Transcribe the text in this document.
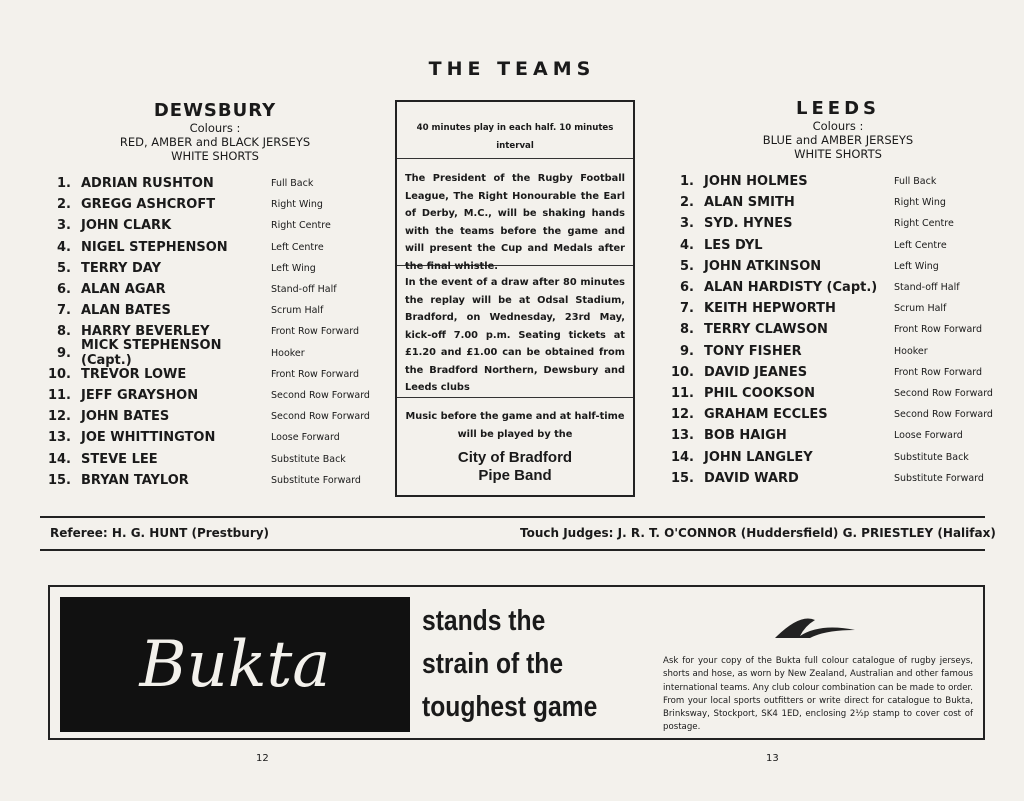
THE TEAMS
DEWSBURY
Colours :
RED, AMBER and BLACK JERSEYS
WHITE SHORTS
1. ADRIAN RUSHTON	Full Back
2. GREGG ASHCROFT	Right Wing
3. JOHN CLARK	Right Centre
4. NIGEL STEPHENSON	Left Centre
5. TERRY DAY	Left Wing
6. ALAN AGAR	Stand-off Half
7. ALAN BATES	Scrum Half
8. HARRY BEVERLEY	Front Row Forward
9. MICK STEPHENSON (Capt.)	Hooker
10. TREVOR LOWE	Front Row Forward
11. JEFF GRAYSHON	Second Row Forward
12. JOHN BATES	Second Row Forward
13. JOE WHITTINGTON	Loose Forward
14. STEVE LEE	Substitute Back
15. BRYAN TAYLOR	Substitute Forward
LEEDS
Colours :
BLUE and AMBER JERSEYS
WHITE SHORTS
1. JOHN HOLMES	Full Back
2. ALAN SMITH	Right Wing
3. SYD. HYNES	Right Centre
4. LES DYL	Left Centre
5. JOHN ATKINSON	Left Wing
6. ALAN HARDISTY (Capt.)	Stand-off Half
7. KEITH HEPWORTH	Scrum Half
8. TERRY CLAWSON	Front Row Forward
9. TONY FISHER	Hooker
10. DAVID JEANES	Front Row Forward
11. PHIL COOKSON	Second Row Forward
12. GRAHAM ECCLES	Second Row Forward
13. BOB HAIGH	Loose Forward
14. JOHN LANGLEY	Substitute Back
15. DAVID WARD	Substitute Forward
40 minutes play in each half. 10 minutes interval
The President of the Rugby Football League, The Right Honourable the Earl of Derby, M.C., will be shaking hands with the teams before the game and will present the Cup and Medals after the final whistle.
In the event of a draw after 80 minutes the replay will be at Odsal Stadium, Bradford, on Wednesday, 23rd May, kick-off 7.00 p.m. Seating tickets at £1.20 and £1.00 can be obtained from the Bradford Northern, Dewsbury and Leeds clubs
Music before the game and at half-time will be played by the
City of Bradford
Pipe Band
Referee: H. G. HUNT (Prestbury)	Touch Judges: J. R. T. O'CONNOR (Huddersfield) G. PRIESTLEY (Halifax)
Bukta
stands the
strain of the
toughest game
Ask for your copy of the Bukta full colour catalogue of rugby jerseys, shorts and hose, as worn by New Zealand, Australian and other famous international teams. Any club colour combination can be made to order. From your local sports outfitters or write direct for catalogue to Bukta, Brinksway, Stockport, SK4 1ED, enclosing 2½p stamp to cover cost of postage.
12	13
